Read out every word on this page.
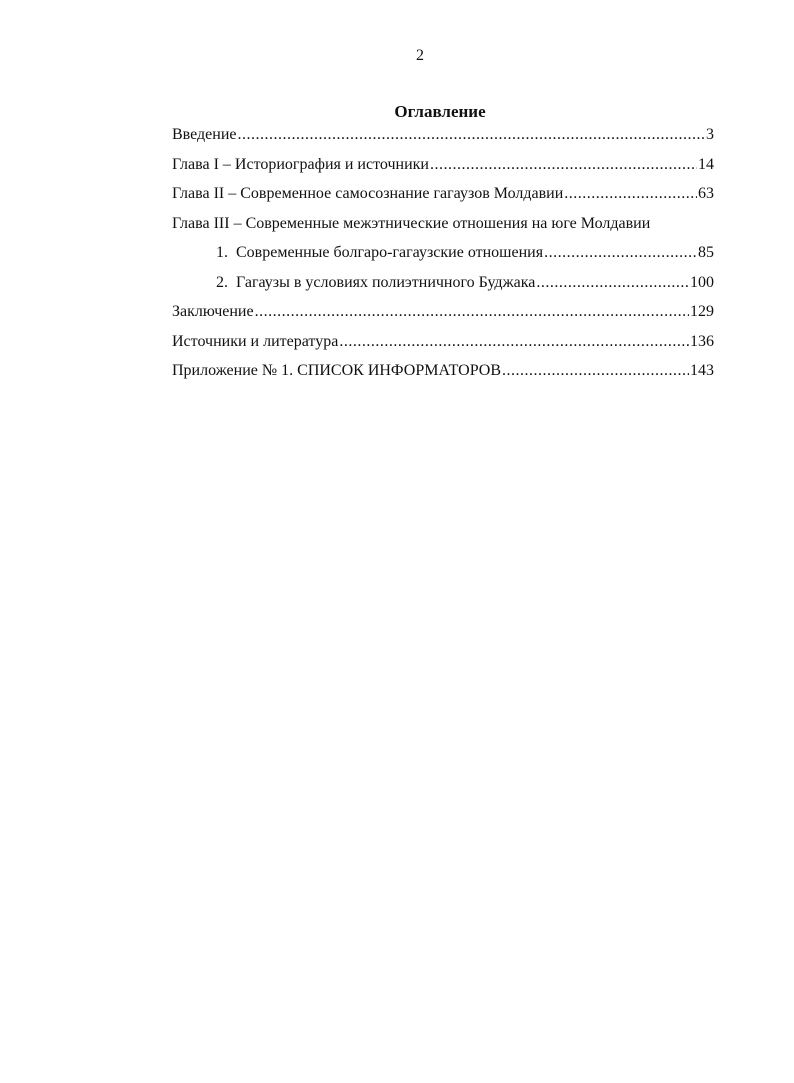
2
Оглавление
Введение .....	3
Глава I – Историография и источники .....	14
Глава II – Современное самосознание гагаузов Молдавии .....	63
Глава III – Современные межэтнические отношения на юге Молдавии
1. Современные болгаро-гагаузские отношения .....	85
2. Гагаузы в условиях полиэтничного Буджака .....	100
Заключение .....	129
Источники и литература .....	136
Приложение № 1. СПИСОК ИНФОРМАТОРОВ .....	143
